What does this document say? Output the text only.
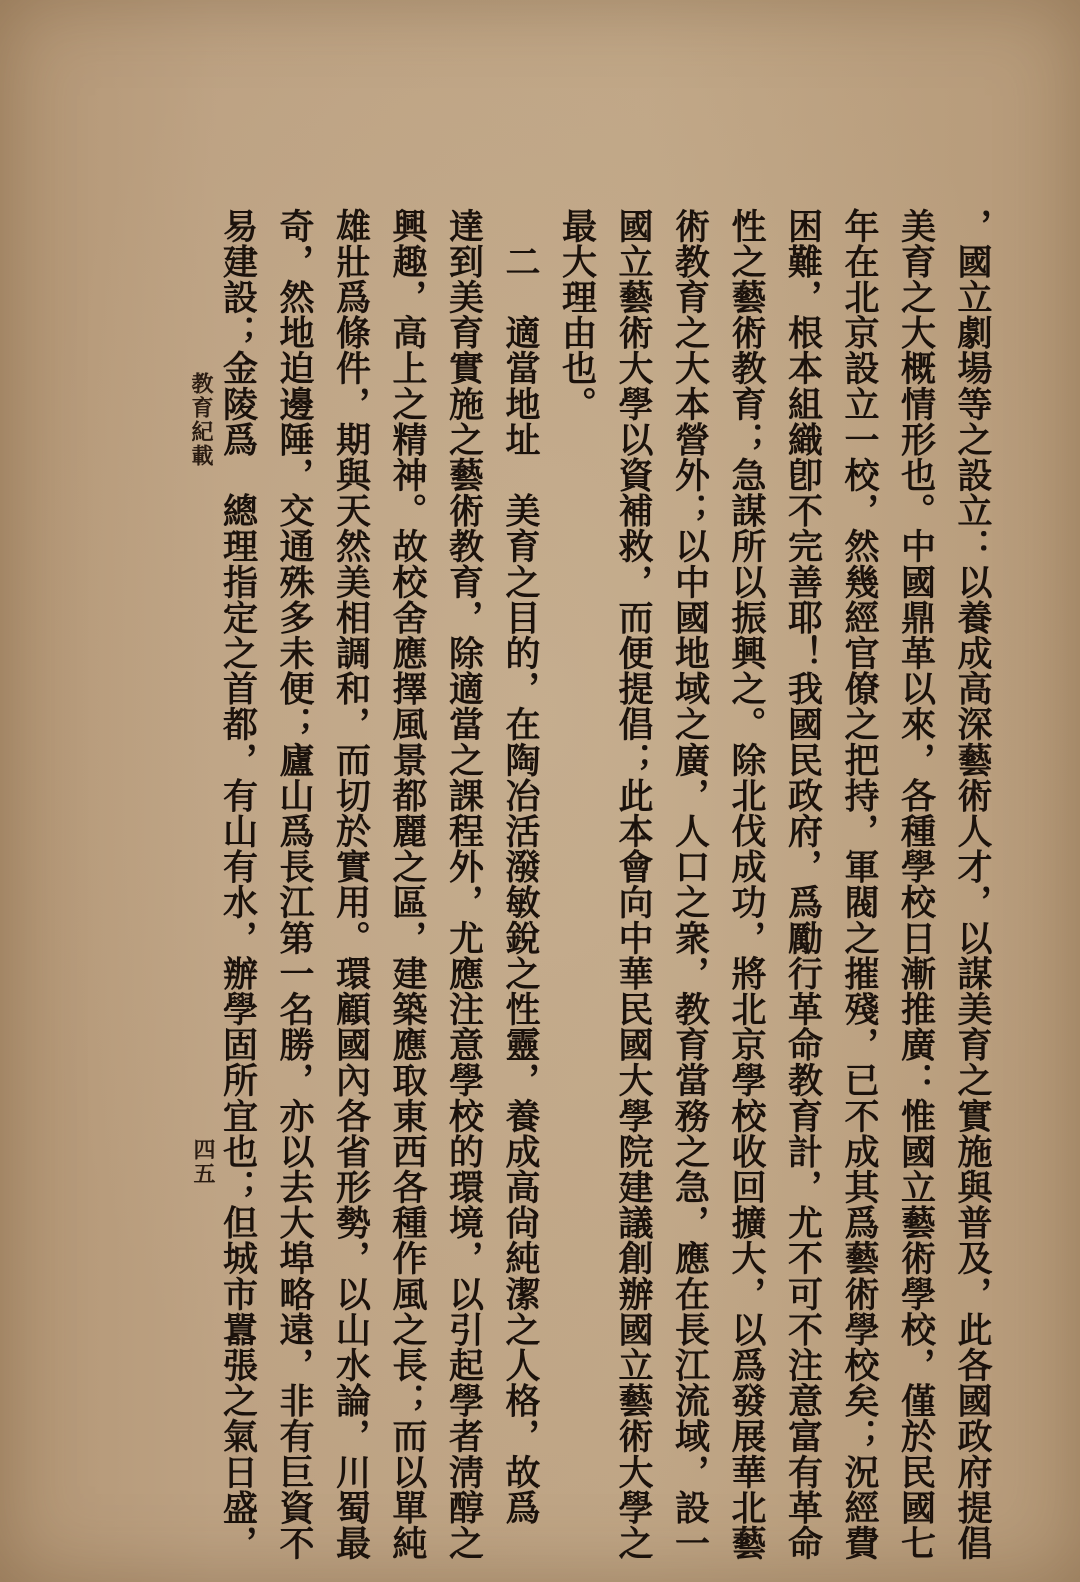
，國立劇場等之設立：以養成高深藝術人才，以謀美育之實施與普及，此各國政府提倡
美育之大概情形也。中國鼎革以來，各種學校日漸推廣：惟國立藝術學校，僅於民國七
年在北京設立一校，然幾經官僚之把持，軍閥之摧殘，已不成其爲藝術學校矣；況經費
困難，根本組織卽不完善耶！我國民政府，爲勵行革命教育計，尤不可不注意富有革命
性之藝術教育；急謀所以振興之。除北伐成功，將北京學校收回擴大，以爲發展華北藝
術教育之大本營外；以中國地域之廣，人口之衆，教育當務之急，應在長江流域，設一
國立藝術大學以資補救，而便提倡；此本會向中華民國大學院建議創辦國立藝術大學之
最大理由也。
　二　適當地址　美育之目的，在陶冶活潑敏銳之性靈，養成高尙純潔之人格，故爲
達到美育實施之藝術教育，除適當之課程外，尤應注意學校的環境，以引起學者淸醇之
興趣，高上之精神。故校舍應擇風景都麗之區，建築應取東西各種作風之長；而以單純
雄壯爲條件，期與天然美相調和，而切於實用。環顧國內各省形勢，以山水論，川蜀最
奇，然地迫邊陲，交通殊多未便；廬山爲長江第一名勝，亦以去大埠略遠，非有巨資不
易建設；金陵爲　總理指定之首都，有山有水，辦學固所宜也；但城市囂張之氣日盛，
教育紀載
四五
